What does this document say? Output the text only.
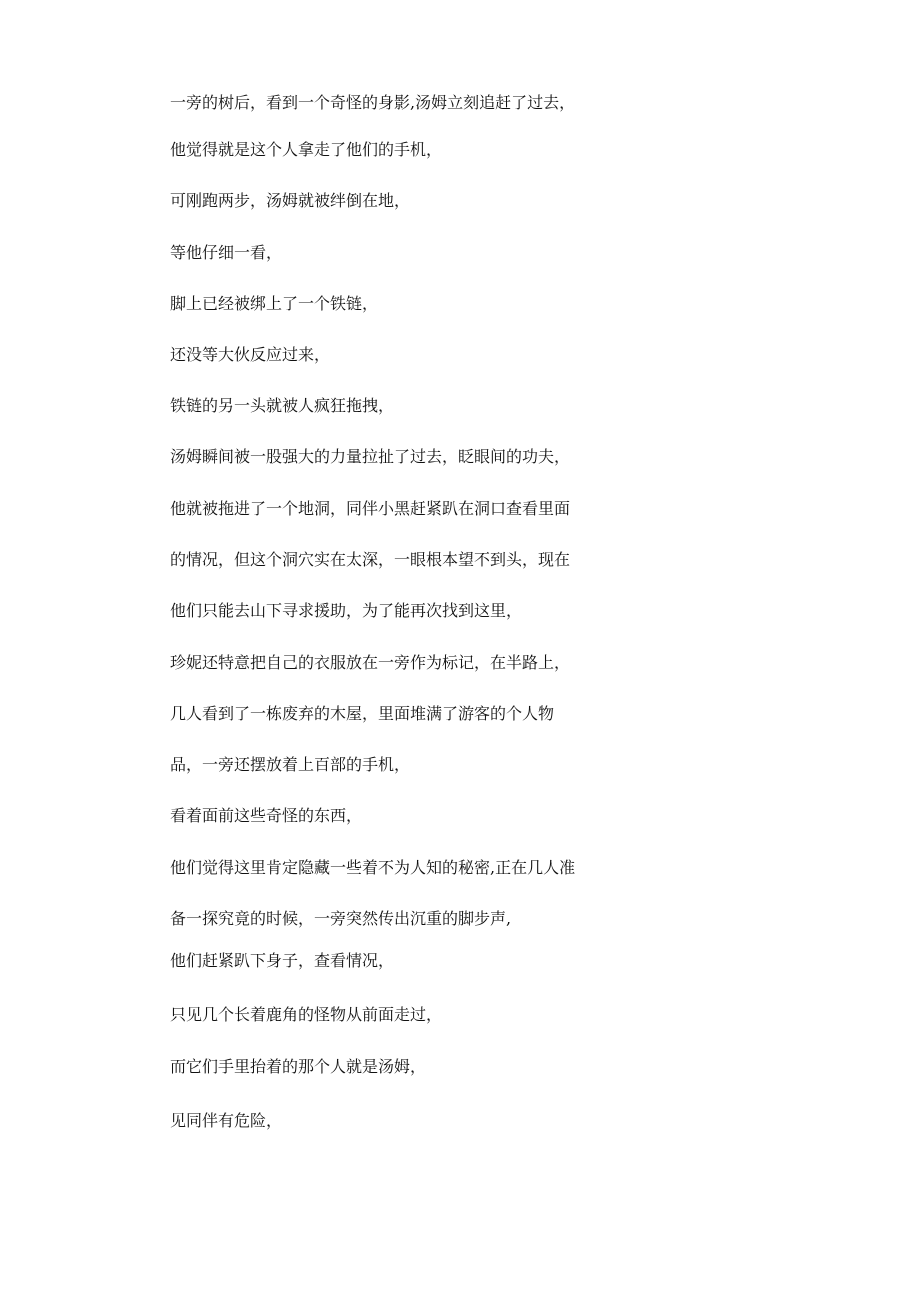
一旁的树后，看到一个奇怪的身影,汤姆立刻追赶了过去，

他觉得就是这个人拿走了他们的手机，

可刚跑两步，汤姆就被绊倒在地，

等他仔细一看，

脚上已经被绑上了一个铁链，

还没等大伙反应过来，

铁链的另一头就被人疯狂拖拽，

汤姆瞬间被一股强大的力量拉扯了过去，眨眼间的功夫，

他就被拖进了一个地洞，同伴小黑赶紧趴在洞口查看里面

的情况，但这个洞穴实在太深，一眼根本望不到头，现在

他们只能去山下寻求援助，为了能再次找到这里，

珍妮还特意把自己的衣服放在一旁作为标记，在半路上，

几人看到了一栋废弃的木屋，里面堆满了游客的个人物

品，一旁还摆放着上百部的手机，

看着面前这些奇怪的东西，

他们觉得这里肯定隐藏一些着不为人知的秘密,正在几人准

备一探究竟的时候，一旁突然传出沉重的脚步声,

他们赶紧趴下身子，查看情况，

只见几个长着鹿角的怪物从前面走过，

而它们手里抬着的那个人就是汤姆，

见同伴有危险，
